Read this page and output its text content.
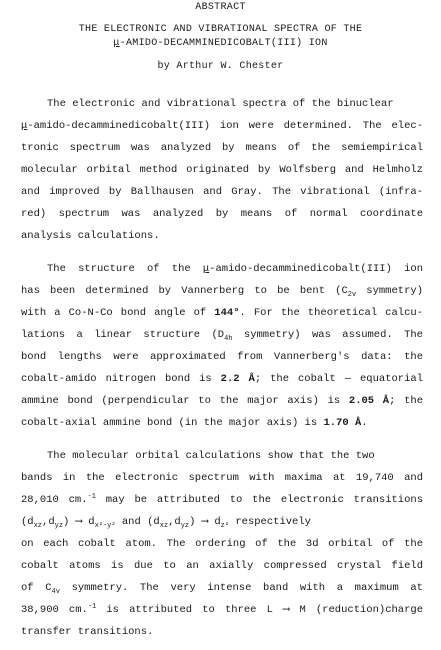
ABSTRACT
THE ELECTRONIC AND VIBRATIONAL SPECTRA OF THE
μ-AMIDO-DECAMMINEDICOBALT(III) ION
by Arthur W. Chester
The electronic and vibrational spectra of the binuclear
μ-amido-decamminedicobalt(III) ion were determined. The elec-
tronic spectrum was analyzed by means of the semiempirical
molecular orbital method originated by Wolfsberg and Helmholz
and improved by Ballhausen and Gray. The vibrational (infra-
red) spectrum was analyzed by means of normal coordinate
analysis calculations.
The structure of the μ-amido-decamminedicobalt(III) ion
has been determined by Vannerberg to be bent ($C_{2v}$ symmetry)
with a Co-N-Co bond angle of 144°. For the theoretical calcu-
lations a linear structure ($D_{4h}$ symmetry) was assumed. The
bond lengths were approximated from Vannerberg's data: the
cobalt-amido nitrogen bond is 2.2 Å; the cobalt — equatorial
ammine bond (perpendicular to the major axis) is 2.05 Å; the
cobalt-axial ammine bond (in the major axis) is 1.70 Å.
The molecular orbital calculations show that the two
bands in the electronic spectrum with maxima at 19,740 and
28,010 cm.$^{-1}$ may be attributed to the electronic transitions
$(d_{xz},d_{yz})$ ⟶ $d_{x^2-y^2}$ and $(d_{xz},d_{yz})$ ⟶ $d_{z^2}$ respectively
on each cobalt atom. The ordering of the 3d orbital of the
cobalt atoms is due to an axially compressed crystal field
of $C_{4v}$ symmetry. The very intense band with a maximum at
38,900 cm.$^{-1}$ is attributed to three L ⟶ M (reduction)charge
transfer transitions.
